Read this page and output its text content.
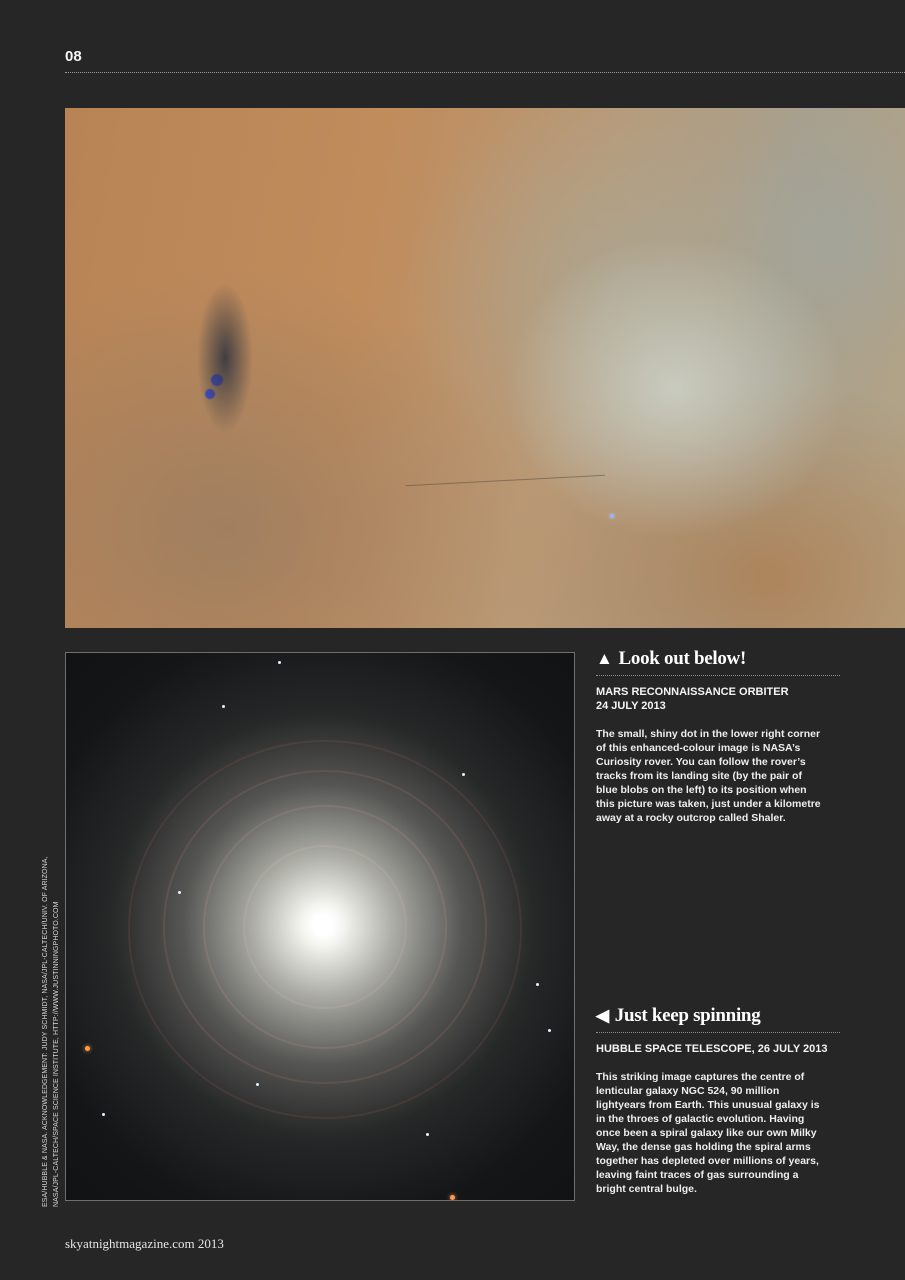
08
ESA/HUBBLE & NASA. ACKNOWLEDGEMENT: JUDY SCHMIDT, NASA/JPL-CALTECH/UNIV. OF ARIZONA, NASA/JPL-CALTECH/SPACE SCIENCE INSTITUTE, HTTP://WWW.JUSTINNINGPHOTO.COM
▲ Look out below!
MARS RECONNAISSANCE ORBITER
24 JULY 2013
The small, shiny dot in the lower right corner
of this enhanced-colour image is NASA’s
Curiosity rover. You can follow the rover’s
tracks from its landing site (by the pair of
blue blobs on the left) to its position when
this picture was taken, just under a kilometre
away at a rocky outcrop called Shaler.
◀ Just keep spinning
HUBBLE SPACE TELESCOPE, 26 JULY 2013
This striking image captures the centre of
lenticular galaxy NGC 524, 90 million
lightyears from Earth. This unusual galaxy is
in the throes of galactic evolution. Having
once been a spiral galaxy like our own Milky
Way, the dense gas holding the spiral arms
together has depleted over millions of years,
leaving faint traces of gas surrounding a
bright central bulge.
skyatnightmagazine.com 2013
